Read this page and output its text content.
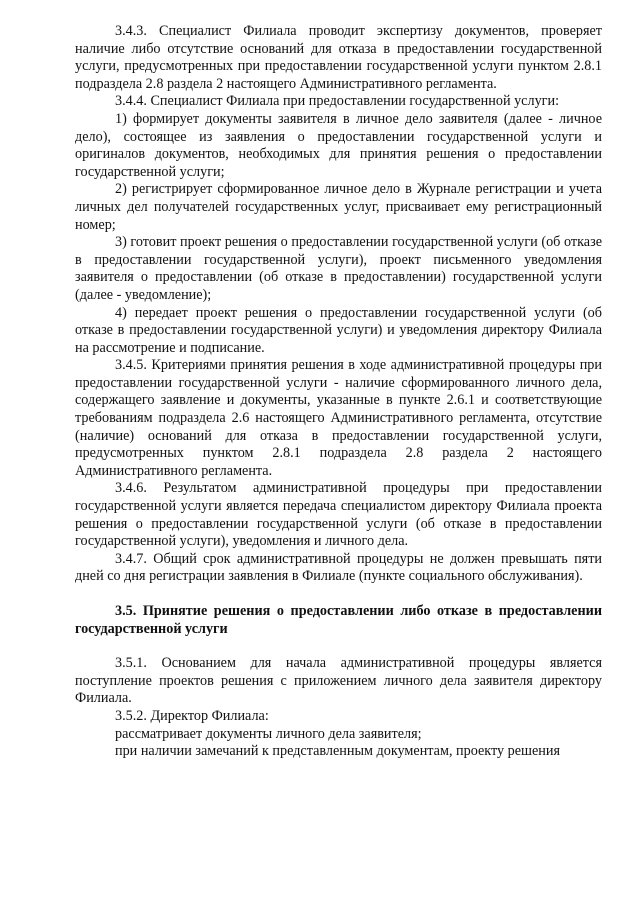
3.4.3. Специалист Филиала проводит экспертизу документов, проверяет наличие либо отсутствие оснований для отказа в предоставлении государственной услуги, предусмотренных при предоставлении государственной услуги пунктом 2.8.1 подраздела 2.8 раздела 2 настоящего Административного регламента.

3.4.4. Специалист Филиала при предоставлении государственной услуги:

1) формирует документы заявителя в личное дело заявителя (далее - личное дело), состоящее из заявления о предоставлении государственной услуги и оригиналов документов, необходимых для принятия решения о предоставлении государственной услуги;

2) регистрирует сформированное личное дело в Журнале регистрации и учета личных дел получателей государственных услуг, присваивает ему регистрационный номер;

3) готовит проект решения о предоставлении государственной услуги (об отказе в предоставлении государственной услуги), проект письменного уведомления заявителя о предоставлении (об отказе в предоставлении) государственной услуги (далее - уведомление);

4) передает проект решения о предоставлении государственной услуги (об отказе в предоставлении государственной услуги) и уведомления директору Филиала на рассмотрение и подписание.

3.4.5. Критериями принятия решения в ходе административной процедуры при предоставлении государственной услуги - наличие сформированного личного дела, содержащего заявление и документы, указанные в пункте 2.6.1 и соответствующие требованиям подраздела 2.6 настоящего Административного регламента, отсутствие (наличие) оснований для отказа в предоставлении государственной услуги, предусмотренных пунктом 2.8.1 подраздела 2.8 раздела 2 настоящего Административного регламента.

3.4.6. Результатом административной процедуры при предоставлении государственной услуги является передача специалистом директору Филиала проекта решения о предоставлении государственной услуги (об отказе в предоставлении государственной услуги), уведомления и личного дела.

3.4.7. Общий срок административной процедуры не должен превышать пяти дней со дня регистрации заявления в Филиале (пункте социального обслуживания).

3.5. Принятие решения о предоставлении либо отказе в предоставлении государственной услуги

3.5.1. Основанием для начала административной процедуры является поступление проектов решения с приложением личного дела заявителя директору Филиала.

3.5.2. Директор Филиала:

рассматривает документы личного дела заявителя;

при наличии замечаний к представленным документам, проекту решения
